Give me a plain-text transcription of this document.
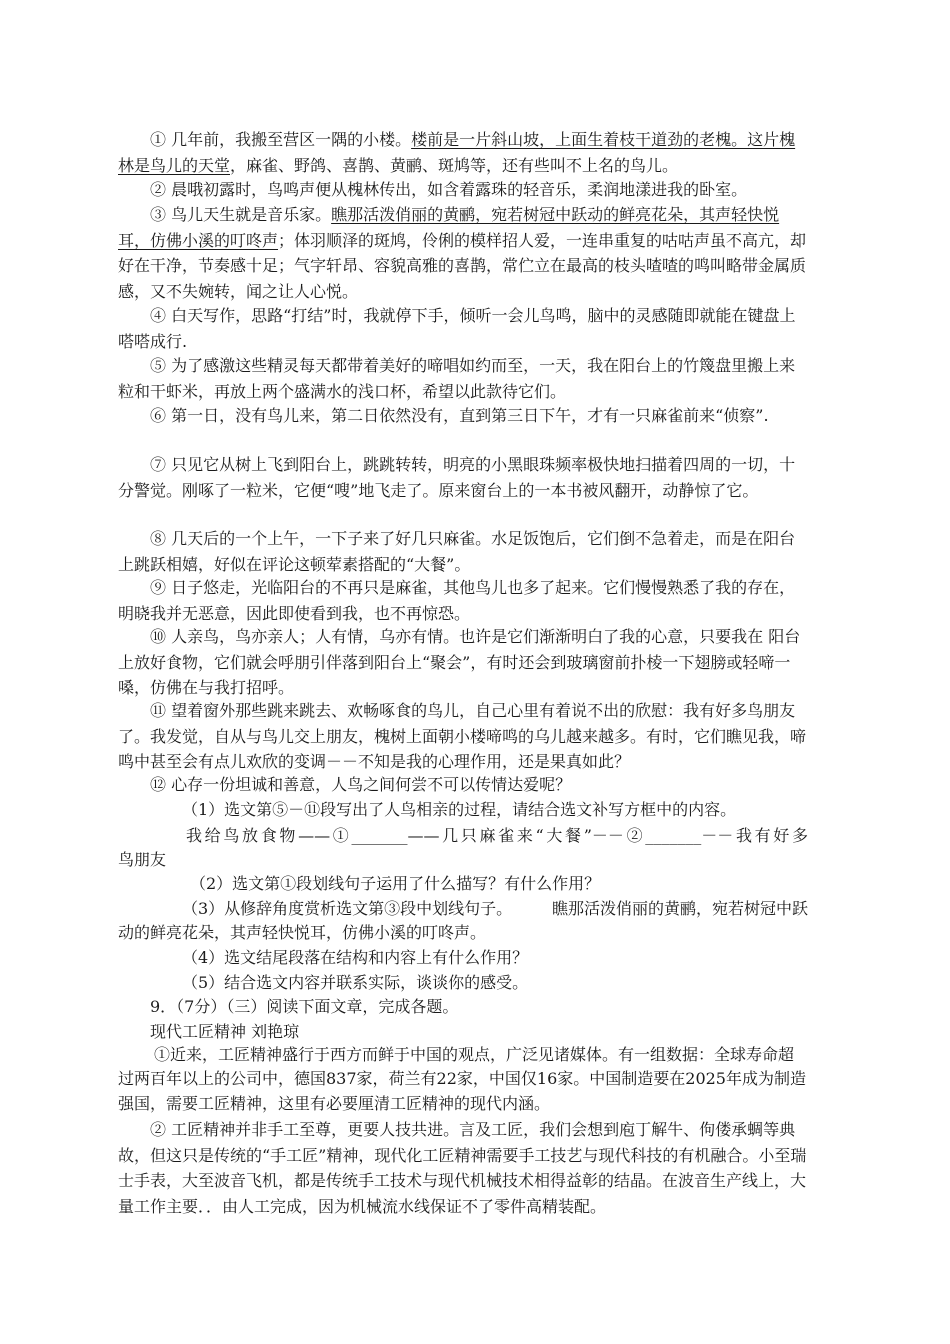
① 几年前，我搬至营区一隅的小楼。楼前是一片斜山坡，上面生着枝干道劲的老槐。这片槐林是鸟儿的天堂，麻雀、野鸽、喜鹊、黄鹂、斑鸠等，还有些叫不上名的鸟儿。
② 晨哦初露时，鸟鸣声便从槐林传出，如含着露珠的轻音乐，柔润地漾进我的卧室。
③ 鸟儿天生就是音乐家。瞧那活泼俏丽的黄鹂，宛若树冠中跃动的鲜亮花朵，其声轻快悦耳，仿佛小溪的叮咚声；体羽顺泽的斑鸠，伶俐的模样招人爱，一连串重复的咕咕声虽不高亢，却好在干净，节奏感十足；气字轩昂、容貌高雅的喜鹊，常伫立在最高的枝头喳喳的鸣叫略带金属质感，又不失婉转，闻之让人心悦。
④ 白天写作，思路“打结”时，我就停下手，倾听一会儿鸟鸣，脑中的灵感随即就能在键盘上嗒嗒成行.
⑤ 为了感激这些精灵每天都带着美好的啼唱如约而至，一天，我在阳台上的竹篾盘里搬上来粒和干虾米，再放上两个盛满水的浅口杯，希望以此款待它们。
⑥ 第一日，没有鸟儿来，第二日依然没有，直到第三日下午，才有一只麻雀前来“侦察”.
⑦ 只见它从树上飞到阳台上，跳跳转转，明亮的小黑眼珠频率极快地扫描着四周的一切，十分警觉。刚啄了一粒米，它便“嗖”地飞走了。原来窗台上的一本书被风翻开，动静惊了它。
⑧ 几天后的一个上午，一下子来了好几只麻雀。水足饭饱后，它们倒不急着走，而是在阳台上跳跃相嬉，好似在评论这顿荤素搭配的“大餐”。
⑨ 日子悠走，光临阳台的不再只是麻雀，其他鸟儿也多了起来。它们慢慢熟悉了我的存在，明晓我并无恶意，因此即使看到我，也不再惊恐。
⑩ 人亲鸟，鸟亦亲人；人有情，乌亦有情。也许是它们渐渐明白了我的心意，只要我在 阳台上放好食物，它们就会呼朋引伴落到阳台上“聚会”，有时还会到玻璃窗前扑棱一下翅膀或轻啼一嗓，仿佛在与我打招呼。
⑪ 望着窗外那些跳来跳去、欢畅啄食的鸟儿，自己心里有着说不出的欣慰：我有好多鸟朋友了。我发觉，自从与鸟儿交上朋友，槐树上面朝小楼啼鸣的乌儿越来越多。有时，它们瞧见我，啼鸣中甚至会有点儿欢欣的变调－－不知是我的心理作用，还是果真如此？
⑫ 心存一份坦诚和善意，人鸟之间何尝不可以传情达爱呢？
（1）选文第⑤－⑪段写出了人鸟相亲的过程，请结合选文补写方框中的内容。
我给鸟放食物——①_______——几只麻雀来“大餐”－－②_______－－我有好多
鸟朋友
（2）选文第①段划线句子运用了什么描写？有什么作用？
（3）从修辞角度赏析选文第③段中划线句子。 瞧那活泼俏丽的黄鹂，宛若树冠中跃
动的鲜亮花朵，其声轻快悦耳，仿佛小溪的叮咚声。
（4）选文结尾段落在结构和内容上有什么作用？
（5）结合选文内容并联系实际，谈谈你的感受。
9．（7分）（三）阅读下面文章，完成各题。
现代工匠精神 刘艳琼
①近来，工匠精神盛行于西方而鲜于中国的观点，广泛见诸媒体。有一组数据：全球寿命超过两百年以上的公司中，德国837家，荷兰有22家，中国仅16家。中国制造要在2025年成为制造强国，需要工匠精神，这里有必要厘清工匠精神的现代内涵。
② 工匠精神并非手工至尊，更要人技共进。言及工匠，我们会想到庖丁解牛、佝偻承蜩等典故，但这只是传统的“手工匠”精神，现代化工匠精神需要手工技艺与现代科技的有机融合。小至瑞士手表，大至波音飞机，都是传统手工技术与现代机械技术相得益彰的结晶。在波音生产线上，大量工作主要．．由人工完成，因为机械流水线保证不了零件高精装配。
